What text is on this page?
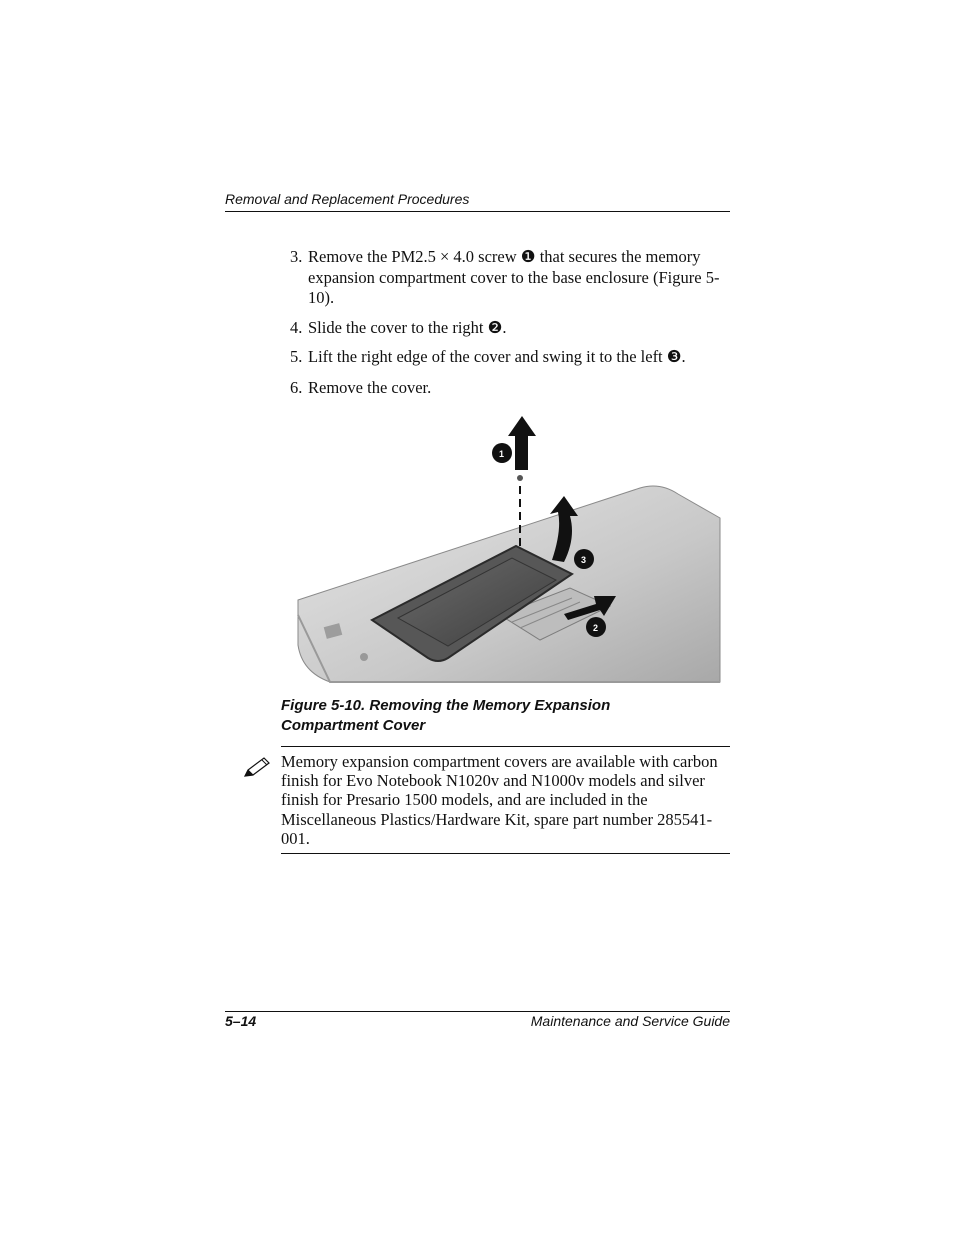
Removal and Replacement Procedures
3. Remove the PM2.5 × 4.0 screw ❶ that secures the memory expansion compartment cover to the base enclosure (Figure 5-10).
4. Slide the cover to the right ❷.
5. Lift the right edge of the cover and swing it to the left ❸.
6. Remove the cover.
1
3
2
Figure 5-10. Removing the Memory Expansion
Compartment Cover
Memory expansion compartment covers are available with carbon finish for Evo Notebook N1020v and N1000v models and silver finish for Presario 1500 models, and are included in the Miscellaneous Plastics/Hardware Kit, spare part number 285541-001.
5–14	Maintenance and Service Guide
